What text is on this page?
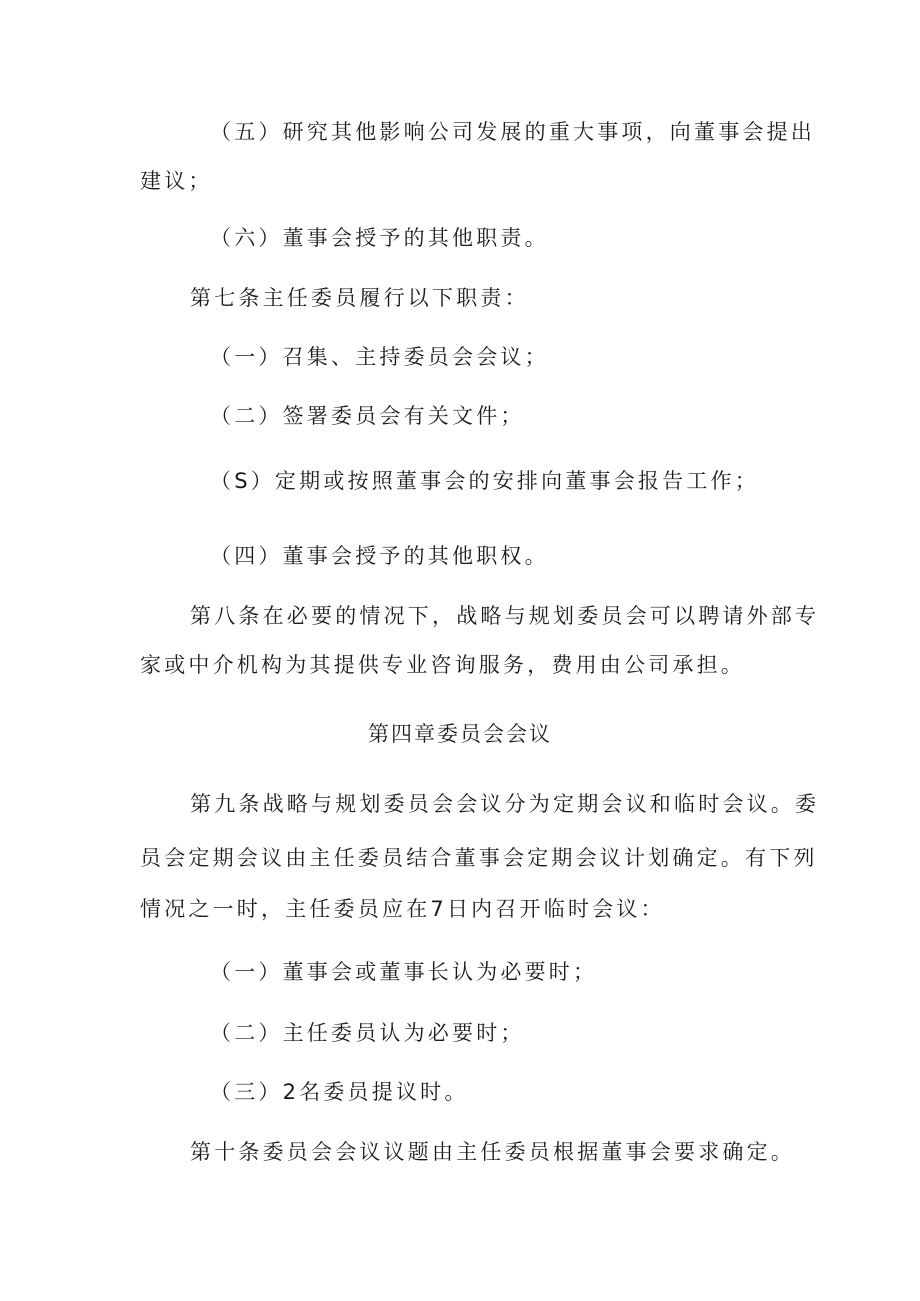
（五）研究其他影响公司发展的重大事项，向董事会提出
建议；
（六）董事会授予的其他职责。
第七条主任委员履行以下职责：
（一）召集、主持委员会会议；
（二）签署委员会有关文件；
（S）定期或按照董事会的安排向董事会报告工作；
（四）董事会授予的其他职权。
第八条在必要的情况下，战略与规划委员会可以聘请外部专
家或中介机构为其提供专业咨询服务，费用由公司承担。
第四章委员会会议
第九条战略与规划委员会会议分为定期会议和临时会议。委
员会定期会议由主任委员结合董事会定期会议计划确定。有下列
情况之一时，主任委员应在7日内召开临时会议：
（一）董事会或董事长认为必要时；
（二）主任委员认为必要时；
（三）2名委员提议时。
第十条委员会会议议题由主任委员根据董事会要求确定。
